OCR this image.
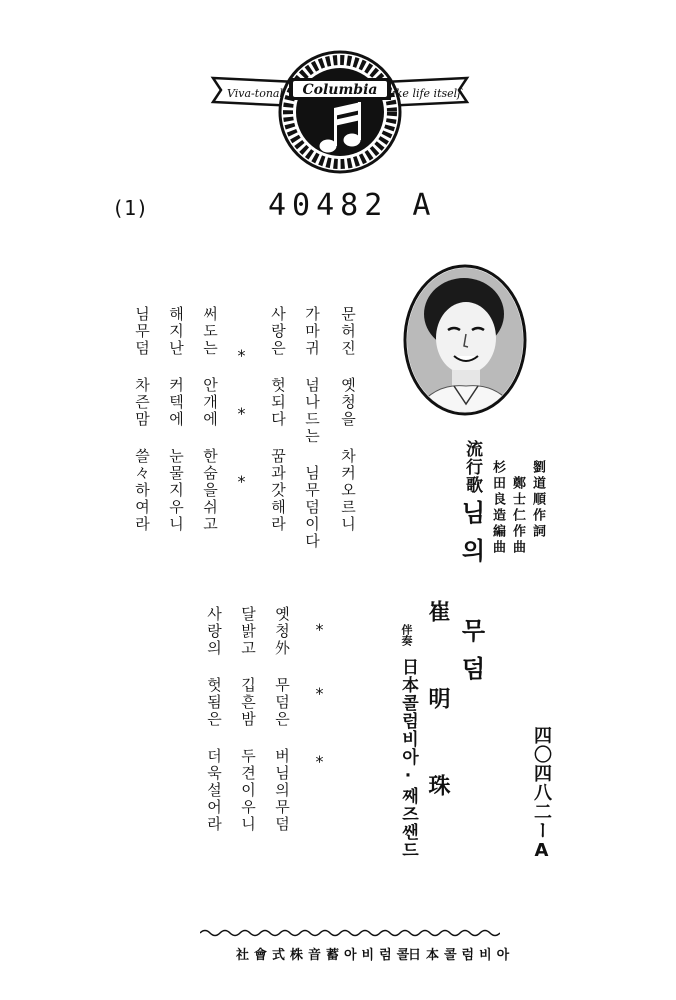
Viva-tonal	like life itself
Columbia
(1)	40482 A
流行歌
님의 무덤	劉道順作詞
鄭士仁作曲
杉田良造編曲
崔 明 珠
伴奏
日本콜럼비아·째즈쌘드	四〇四八二ーA
문허진 옛청을 차커오르니
가마귀 넘나드는 님무덤이다
사랑은 헛되다 꿈과갓해라
*
*
*
써도는 안개에 한숨을쉬고
해지난 커텍에 눈물지우니
님무덤 차즌맘 쓸々하여라
*
*
*
옛청外 무덤은 버님의무덤
달밝고 깁흔밤 두견이우니
사랑의 헛됨은 더욱설어라
社會式株音蓄아비럼콜
日本콜럼비아
